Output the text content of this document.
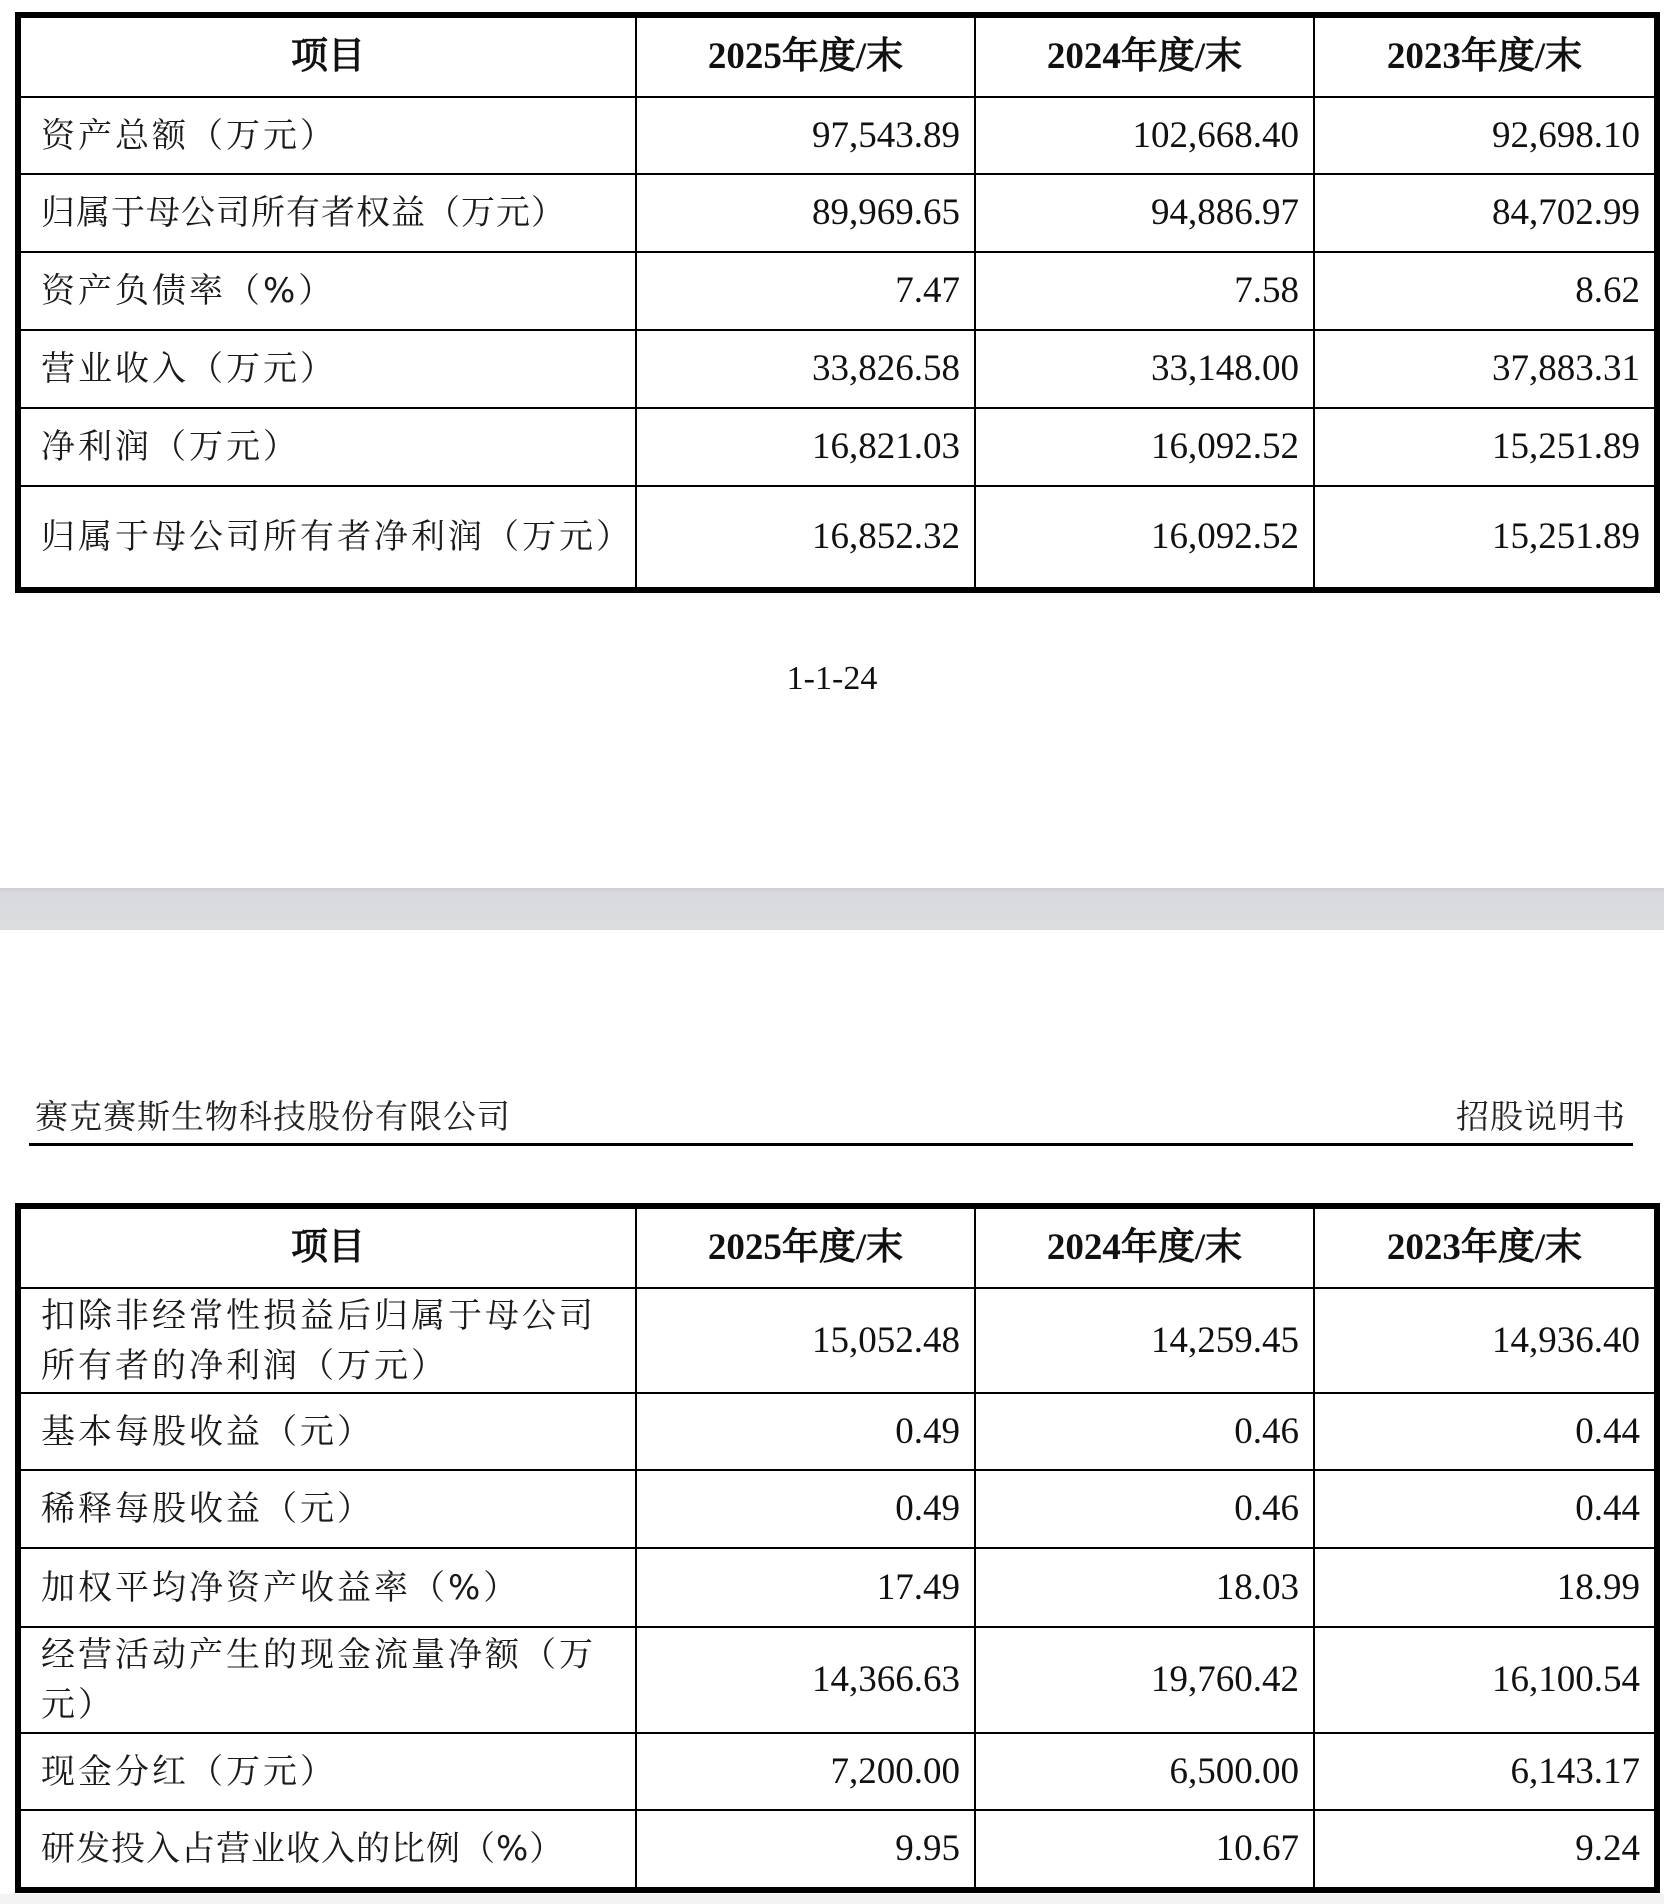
项目	2025年度/末	2024年度/末	2023年度/末
资产总额（万元）	97,543.89	102,668.40	92,698.10
归属于母公司所有者权益（万元）	89,969.65	94,886.97	84,702.99
资产负债率（%）	7.47	7.58	8.62
营业收入（万元）	33,826.58	33,148.00	37,883.31
净利润（万元）	16,821.03	16,092.52	15,251.89
归属于母公司所有者净利润（万元）	16,852.32	16,092.52	15,251.89
1-1-24
赛克赛斯生物科技股份有限公司	招股说明书
项目	2025年度/末	2024年度/末	2023年度/末
扣除非经常性损益后归属于母公司所有者的净利润（万元）	15,052.48	14,259.45	14,936.40
基本每股收益（元）	0.49	0.46	0.44
稀释每股收益（元）	0.49	0.46	0.44
加权平均净资产收益率（%）	17.49	18.03	18.99
经营活动产生的现金流量净额（万元）	14,366.63	19,760.42	16,100.54
现金分红（万元）	7,200.00	6,500.00	6,143.17
研发投入占营业收入的比例（%）	9.95	10.67	9.24
